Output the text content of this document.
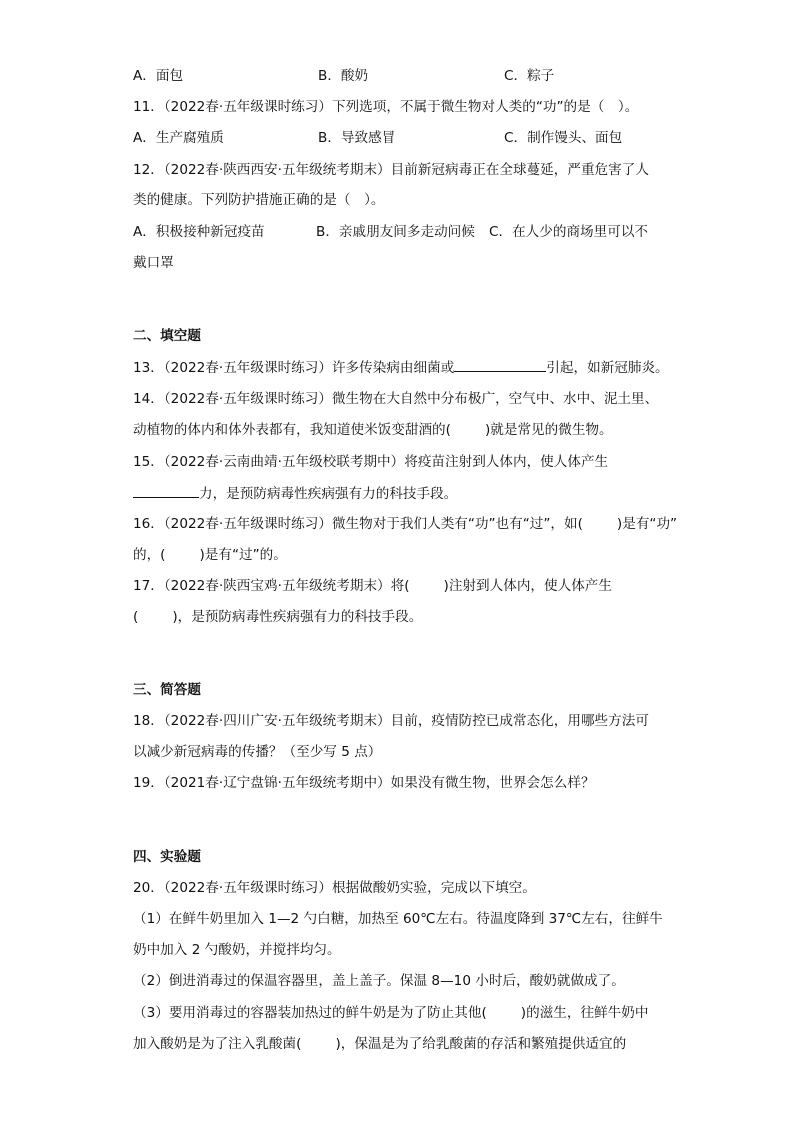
A．面包	B．酸奶	C．粽子
11．（2022春·五年级课时练习）下列选项，不属于微生物对人类的“功”的是（　）。
A．生产腐殖质	B．导致感冒	C．制作馒头、面包
12．（2022春·陕西西安·五年级统考期末）目前新冠病毒正在全球蔓延，严重危害了人
类的健康。下列防护措施正确的是（　）。
A．积极接种新冠疫苗	B．亲戚朋友间多走动问候 C．在人少的商场里可以不
戴口罩
二、填空题
13．（2022春·五年级课时练习）许多传染病由细菌或	引起，如新冠肺炎。
14．（2022春·五年级课时练习）微生物在大自然中分布极广，空气中、水中、泥土里、
动植物的体内和体外表都有，我知道使米饭变甜酒的(	)就是常见的微生物。
15．（2022春·云南曲靖·五年级校联考期中）将疫苗注射到人体内，使人体产生
力，是预防病毒性疾病强有力的科技手段。
16．（2022春·五年级课时练习）微生物对于我们人类有“功”也有“过”，如(	)是有“功”
的，(	)是有“过”的。
17．（2022春·陕西宝鸡·五年级统考期末）将(	)注射到人体内，使人体产生
(	)，是预防病毒性疾病强有力的科技手段。
三、简答题
18．（2022春·四川广安·五年级统考期末）目前，疫情防控已成常态化，用哪些方法可
以减少新冠病毒的传播？（至少写 5 点）
19．（2021春·辽宁盘锦·五年级统考期中）如果没有微生物，世界会怎么样？
四、实验题
20．（2022春·五年级课时练习）根据做酸奶实验，完成以下填空。
（1）在鲜牛奶里加入 1—2 勺白糖，加热至 60℃左右。待温度降到 37℃左右，往鲜牛
奶中加入 2 勺酸奶，并搅拌均匀。
（2）倒进消毒过的保温容器里，盖上盖子。保温 8—10 小时后，酸奶就做成了。
（3）要用消毒过的容器装加热过的鲜牛奶是为了防止其他(	)的滋生，往鲜牛奶中
加入酸奶是为了注入乳酸菌(	)，保温是为了给乳酸菌的存活和繁殖提供适宜的
